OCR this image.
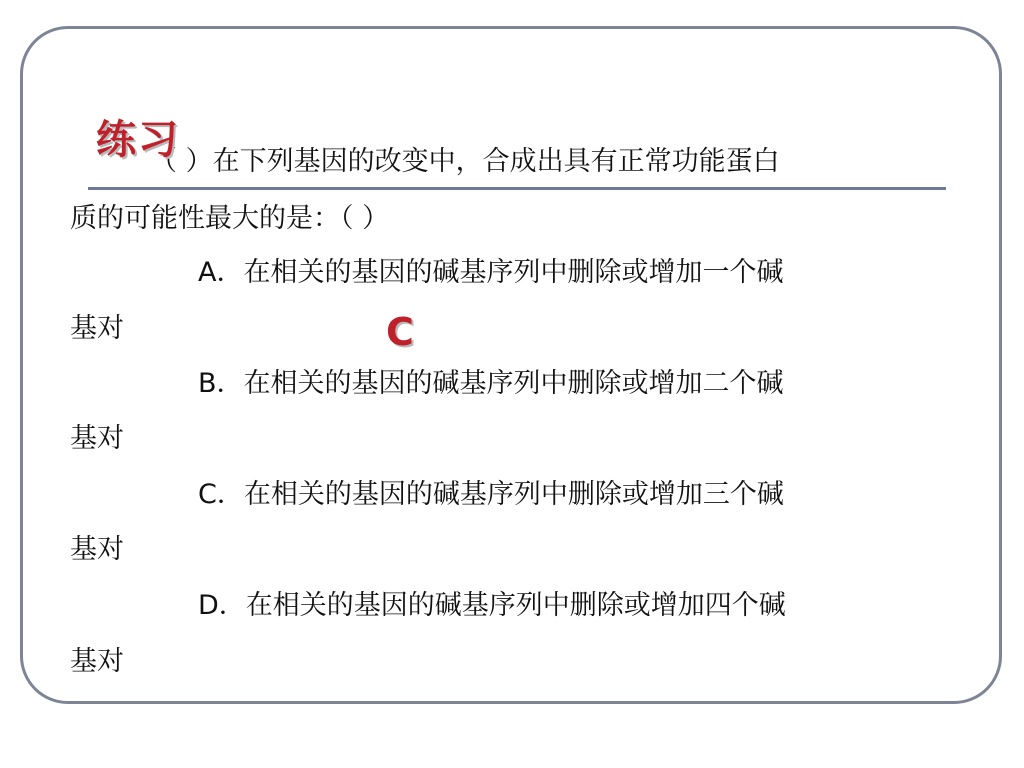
（ ）在下列基因的改变中，合成出具有正常功能蛋白
练习
质的可能性最大的是：（ ）
A．在相关的基因的碱基序列中删除或增加一个碱
基对	C
B．在相关的基因的碱基序列中删除或增加二个碱
基对
C．在相关的基因的碱基序列中删除或增加三个碱
基对
D．在相关的基因的碱基序列中删除或增加四个碱
基对
